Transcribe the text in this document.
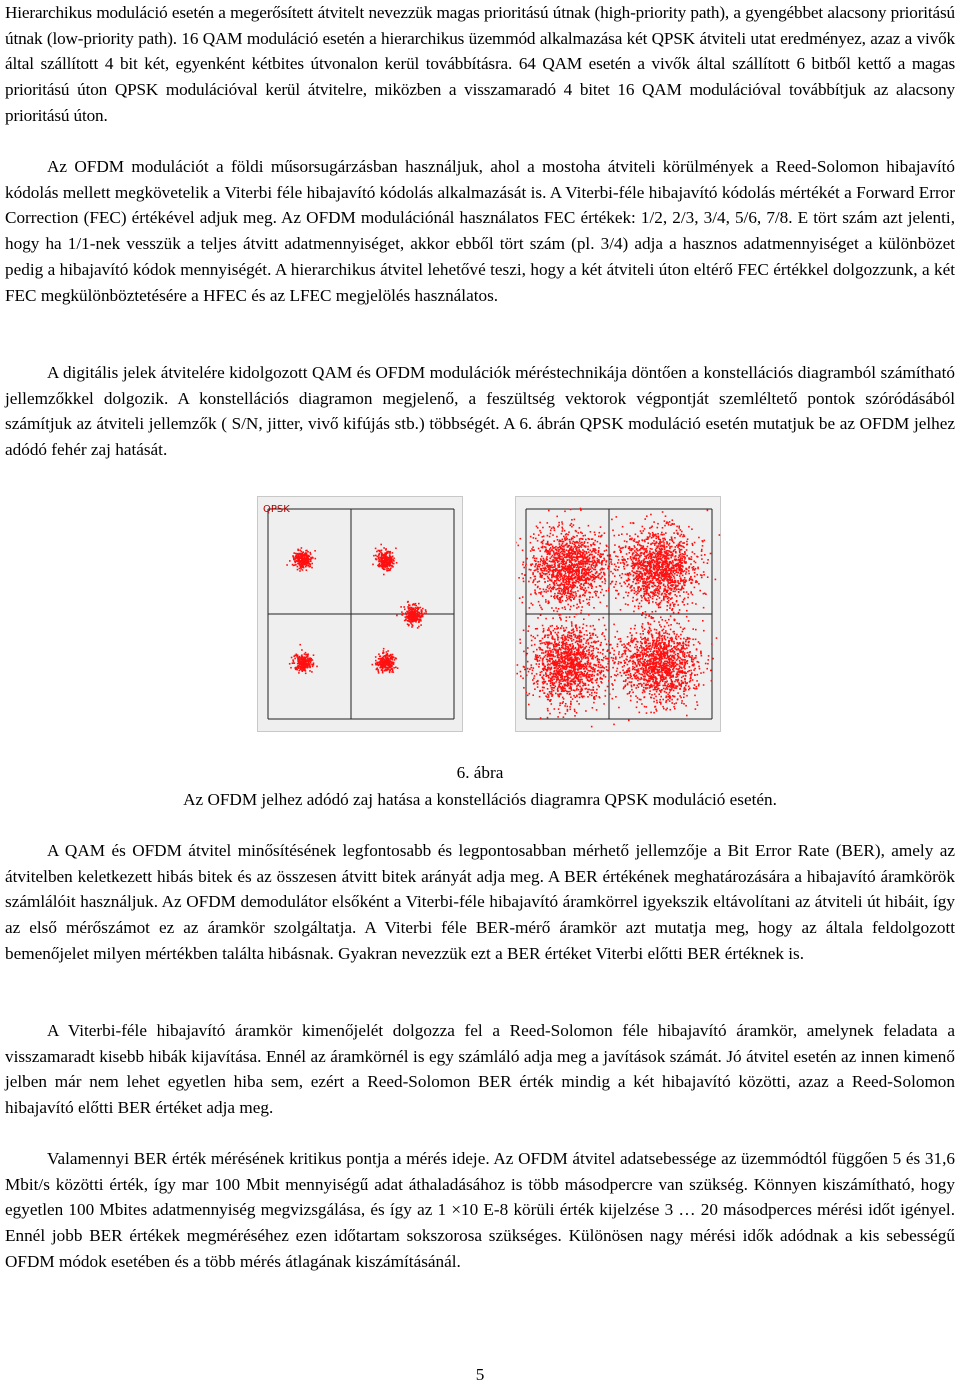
Hierarchikus moduláció esetén a megerősített átvitelt nevezzük magas prioritású útnak (high-priority path), a gyengébbet alacsony prioritású útnak (low-priority path). 16 QAM moduláció esetén a hierarchikus üzemmód alkalmazása két QPSK átviteli utat eredményez, azaz a vivők által szállított 4 bit két, egyenként kétbites útvonalon kerül továbbításra. 64 QAM esetén a vivők által szállított 6 bitből kettő a magas prioritású úton QPSK modulációval kerül átvitelre, miközben a visszamaradó 4 bitet 16 QAM modulációval továbbítjuk az alacsony prioritású úton.

Az OFDM modulációt a földi műsorsugárzásban használjuk, ahol a mostoha átviteli körülmények a Reed-Solomon hibajavító kódolás mellett megkövetelik a Viterbi féle hibajavító kódolás alkalmazását is. A Viterbi-féle hibajavító kódolás mértékét a Forward Error Correction (FEC) értékével adjuk meg. Az OFDM modulációnál használatos FEC értékek: 1/2, 2/3, 3/4, 5/6, 7/8. E tört szám azt jelenti, hogy ha 1/1-nek vesszük a teljes átvitt adatmennyiséget, akkor ebből tört szám (pl. 3/4) adja a hasznos adatmennyiséget a különbözet pedig a hibajavító kódok mennyiségét. A hierarchikus átvitel lehetővé teszi, hogy a két átviteli úton eltérő FEC értékkel dolgozzunk, a két FEC megkülönböztetésére a HFEC és az LFEC megjelölés használatos.

A digitális jelek átvitelére kidolgozott QAM és OFDM modulációk méréstechnikája döntően a konstellációs diagramból számítható jellemzőkkel dolgozik. A konstellációs diagramon megjelenő, a feszültség vektorok végpontját szemléltető pontok szóródásából számítjuk az átviteli jellemzők ( S/N, jitter, vivő kifújás stb.) többségét. A 6. ábrán QPSK moduláció esetén mutatjuk be az OFDM jelhez adódó fehér zaj hatását.

QPSK
6. ábra
Az OFDM jelhez adódó zaj hatása a konstellációs diagramra QPSK moduláció esetén.

A QAM és OFDM átvitel minősítésének legfontosabb és legpontosabban mérhető jellemzője a Bit Error Rate (BER), amely az átvitelben keletkezett hibás bitek és az összesen átvitt bitek arányát adja meg. A BER értékének meghatározására a hibajavító áramkörök számlálóit használjuk. Az OFDM demodulátor elsőként a Viterbi-féle hibajavító áramkörrel igyekszik eltávolítani az átviteli út hibáit, így az első mérőszámot ez az áramkör szolgáltatja. A Viterbi féle BER-mérő áramkör azt mutatja meg, hogy az általa feldolgozott bemenőjelet milyen mértékben találta hibásnak. Gyakran nevezzük ezt a BER értéket Viterbi előtti BER értéknek is.

A Viterbi-féle hibajavító áramkör kimenőjelét dolgozza fel a Reed-Solomon féle hibajavító áramkör, amelynek feladata a visszamaradt kisebb hibák kijavítása. Ennél az áramkörnél is egy számláló adja meg a javítások számát. Jó átvitel esetén az innen kimenő jelben már nem lehet egyetlen hiba sem, ezért a Reed-Solomon BER érték mindig a két hibajavító közötti, azaz a Reed-Solomon hibajavító előtti BER értéket adja meg.

Valamennyi BER érték mérésének kritikus pontja a mérés ideje. Az OFDM átvitel adatsebessége az üzemmódtól függően 5 és 31,6 Mbit/s közötti érték, így mar 100 Mbit mennyiségű adat áthaladásához is több másodpercre van szükség. Könnyen kiszámítható, hogy egyetlen 100 Mbites adatmennyiség megvizsgálása, és így az 1 ×10 E-8 körüli érték kijelzése 3 … 20 másodperces mérési időt igényel. Ennél jobb BER értékek megméréséhez ezen időtartam sokszorosa szükséges. Különösen nagy mérési idők adódnak a kis sebességű OFDM módok esetében és a több mérés átlagának kiszámításánál.

5
